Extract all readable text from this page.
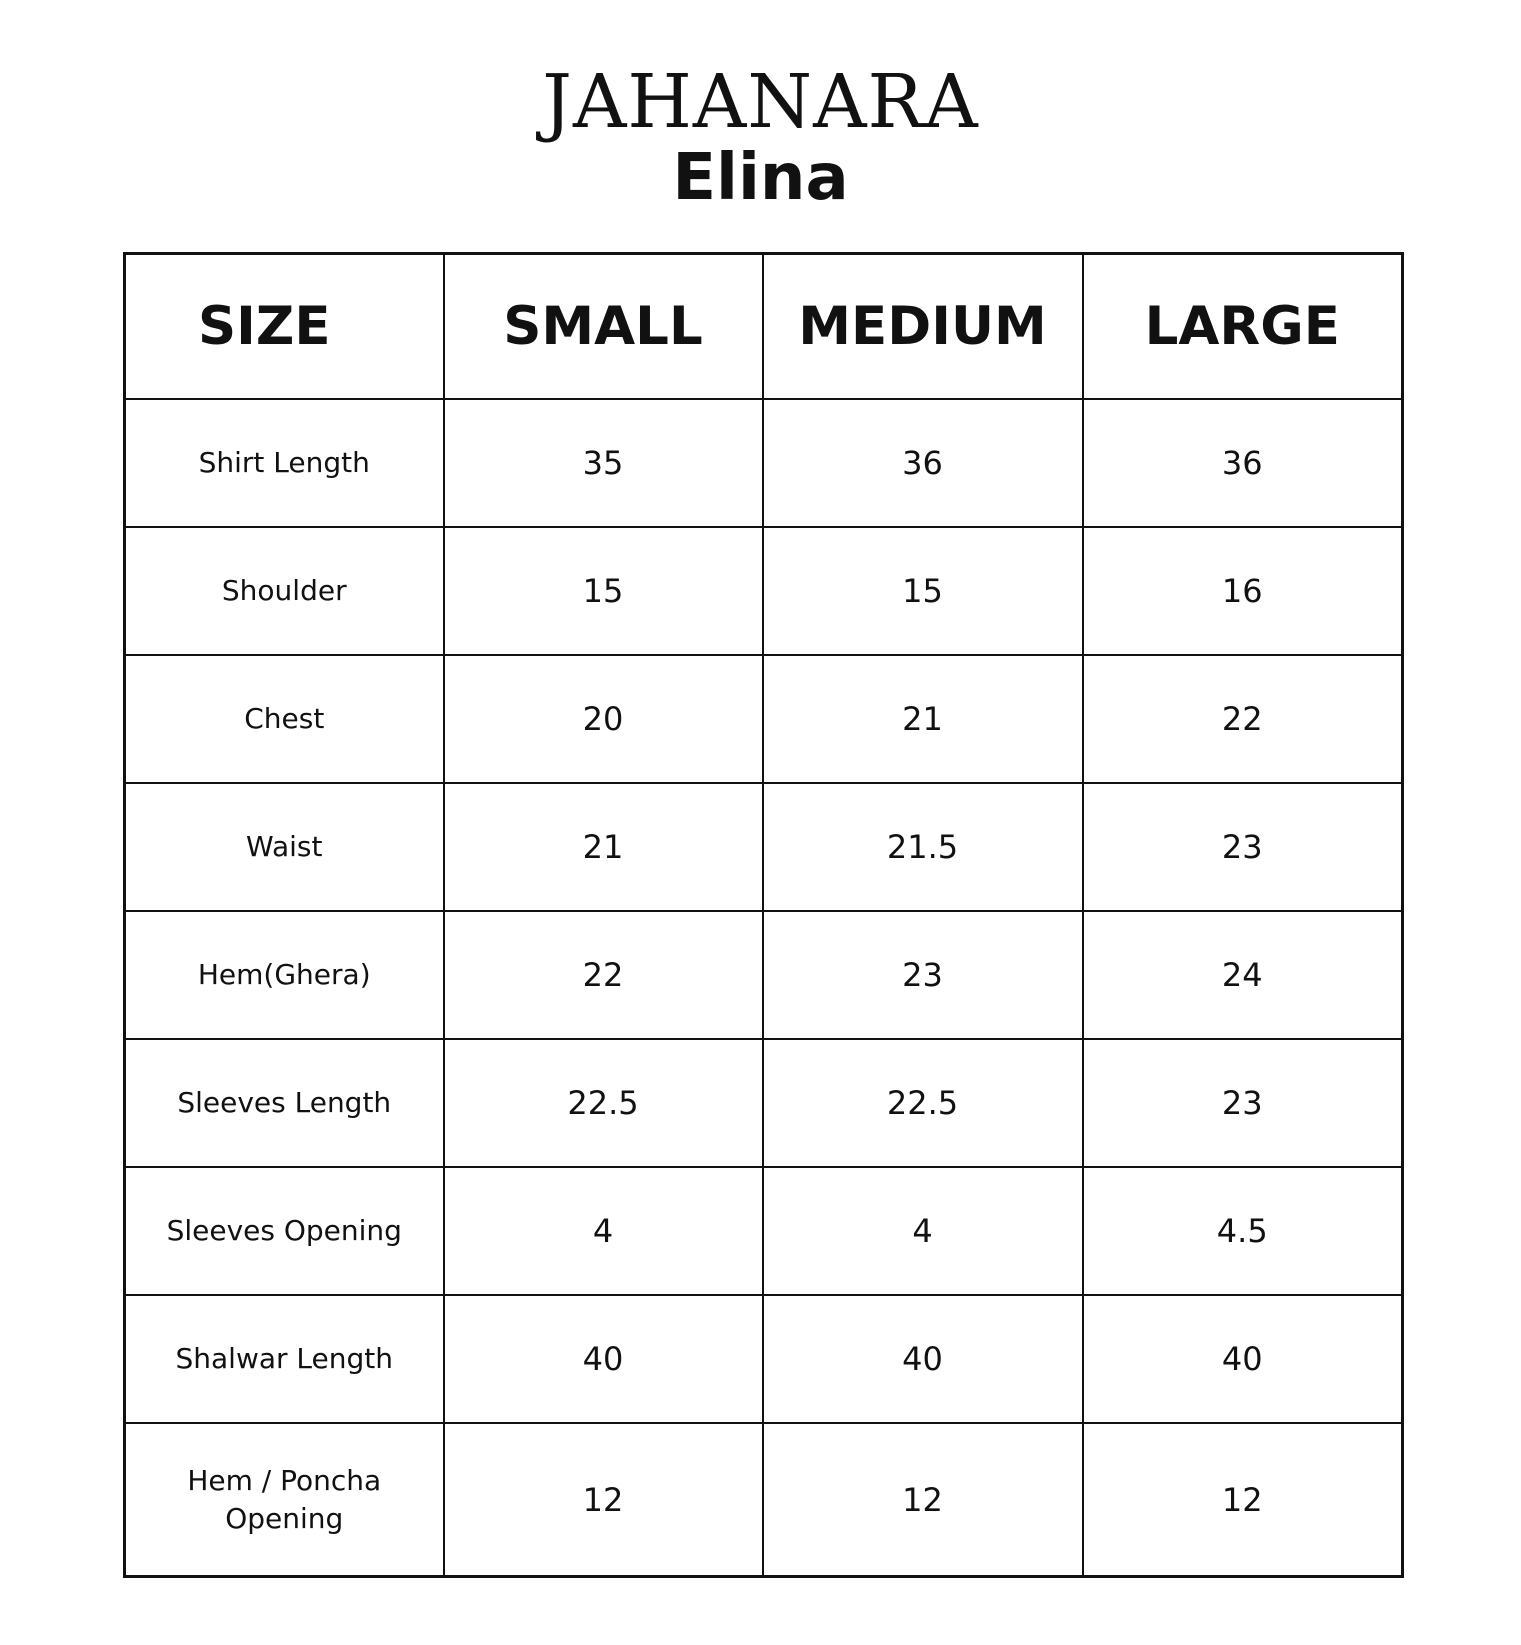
JAHANARA
Elina
SIZE	SMALL	MEDIUM	LARGE
Shirt Length	35	36	36
Shoulder	15	15	16
Chest	20	21	22
Waist	21	21.5	23
Hem(Ghera)	22	23	24
Sleeves Length	22.5	22.5	23
Sleeves Opening	4	4	4.5
Shalwar Length	40	40	40
Hem / Poncha Opening	12	12	12
